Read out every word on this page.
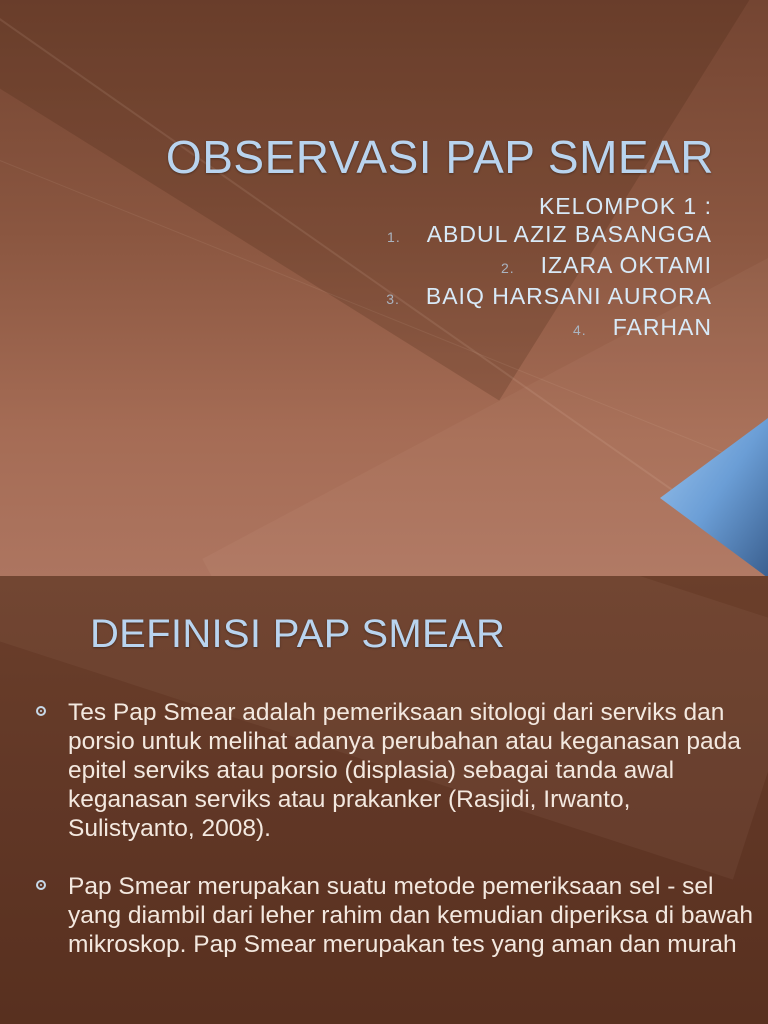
OBSERVASI PAP SMEAR
KELOMPOK 1 :
1. ABDUL AZIZ BASANGGA
2. IZARA OKTAMI
3. BAIQ HARSANI AURORA
4. FARHAN
DEFINISI PAP SMEAR
Tes Pap Smear adalah pemeriksaan sitologi dari serviks dan porsio untuk melihat adanya perubahan atau keganasan pada epitel serviks atau porsio (displasia) sebagai tanda awal keganasan serviks atau prakanker (Rasjidi, Irwanto, Sulistyanto, 2008).
Pap Smear merupakan suatu metode pemeriksaan sel - sel yang diambil dari leher rahim dan kemudian diperiksa di bawah mikroskop. Pap Smear merupakan tes yang aman dan murah
